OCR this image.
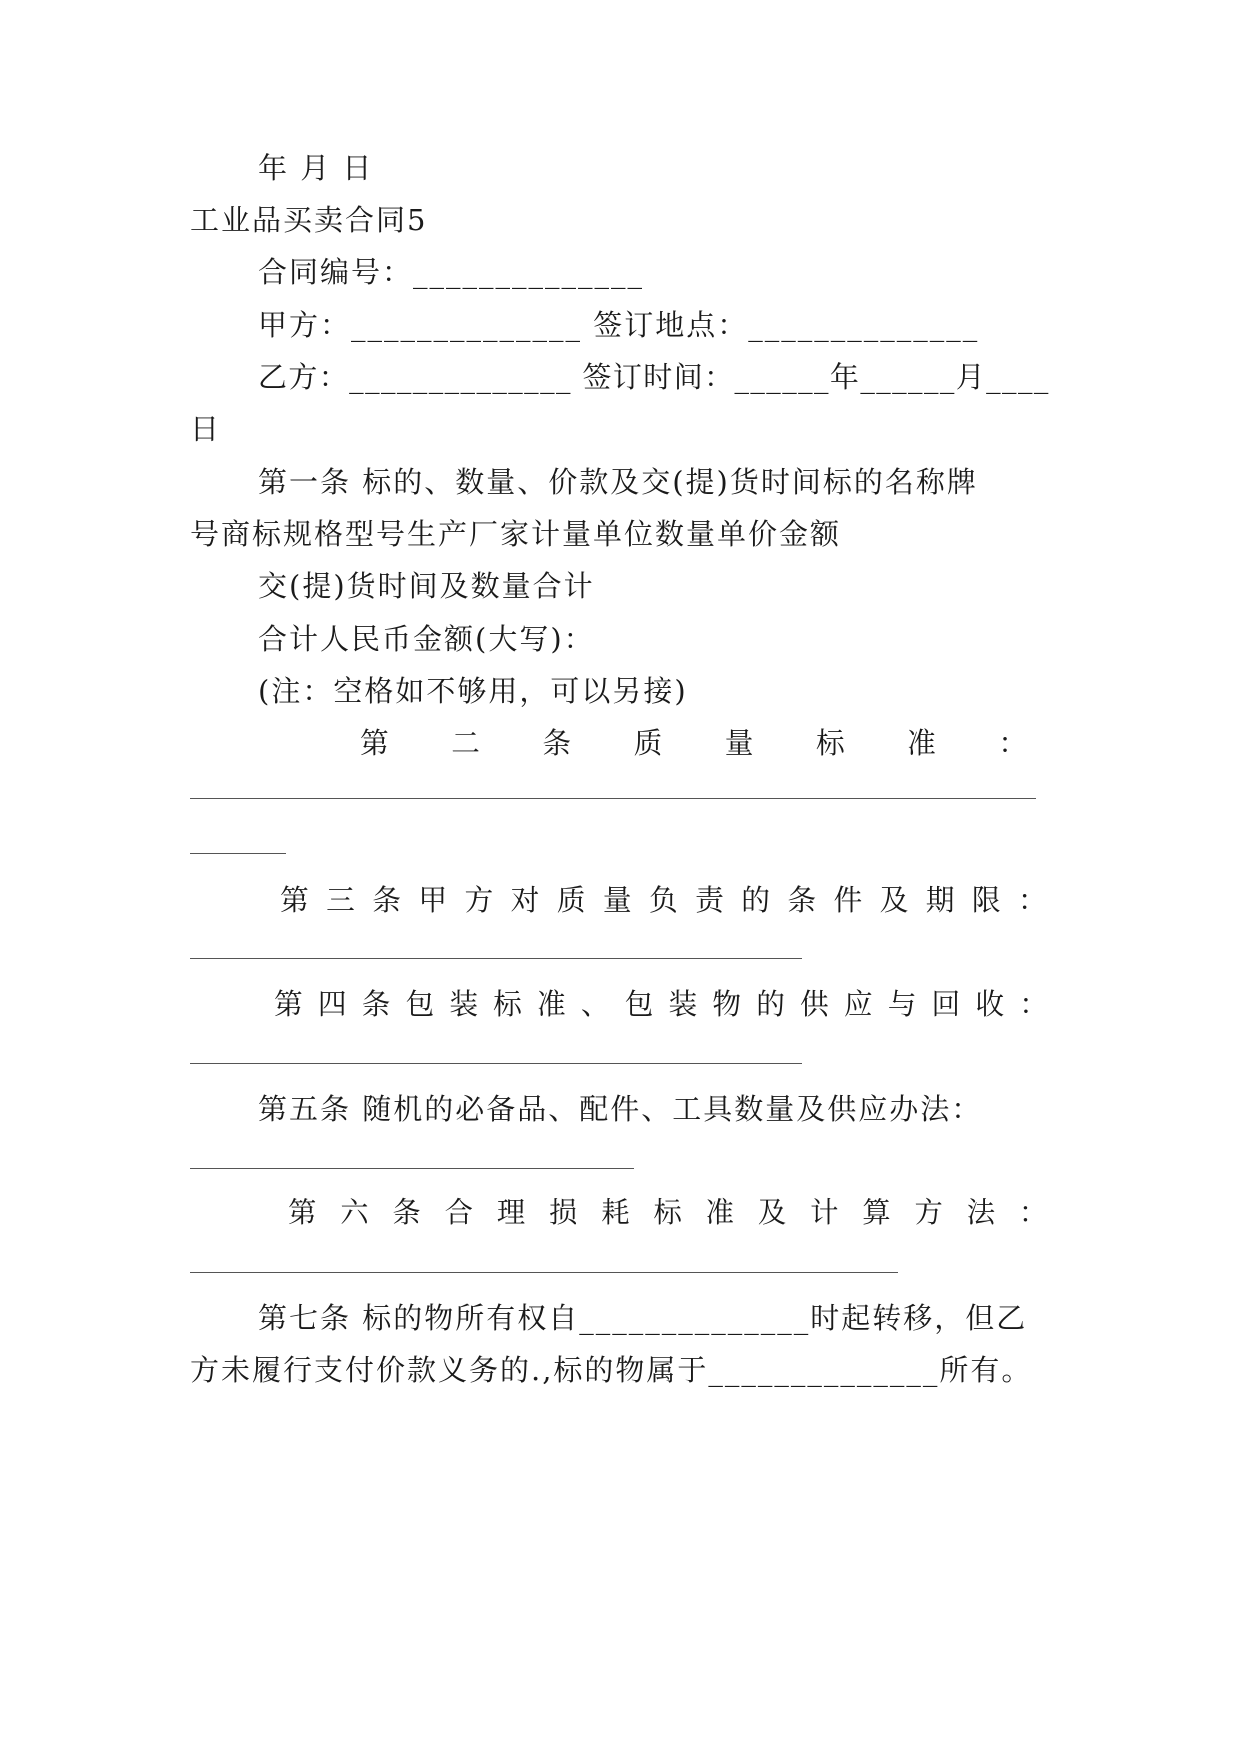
年 月 日
工业品买卖合同5
合同编号：______________
甲方：______________ 签订地点：______________
乙方：______________ 签订时间：______年______月____
日
第一条 标的、数量、价款及交(提)货时间标的名称牌
号商标规格型号生产厂家计量单位数量单价金额
交(提)货时间及数量合计
合计人民币金额(大写)：
(注：空格如不够用，可以另接)
第 二 条 质 量 标 准 ：
第 三 条 甲 方 对 质 量 负 责 的 条 件 及 期 限 ：
第 四 条 包 装 标 准 、 包 装 物 的 供 应 与 回 收 ：
第五条 随机的必备品、配件、工具数量及供应办法：
第 六 条 合 理 损 耗 标 准 及 计 算 方 法 ：
第七条 标的物所有权自______________时起转移，但乙
方未履行支付价款义务的.,标的物属于______________所有。
